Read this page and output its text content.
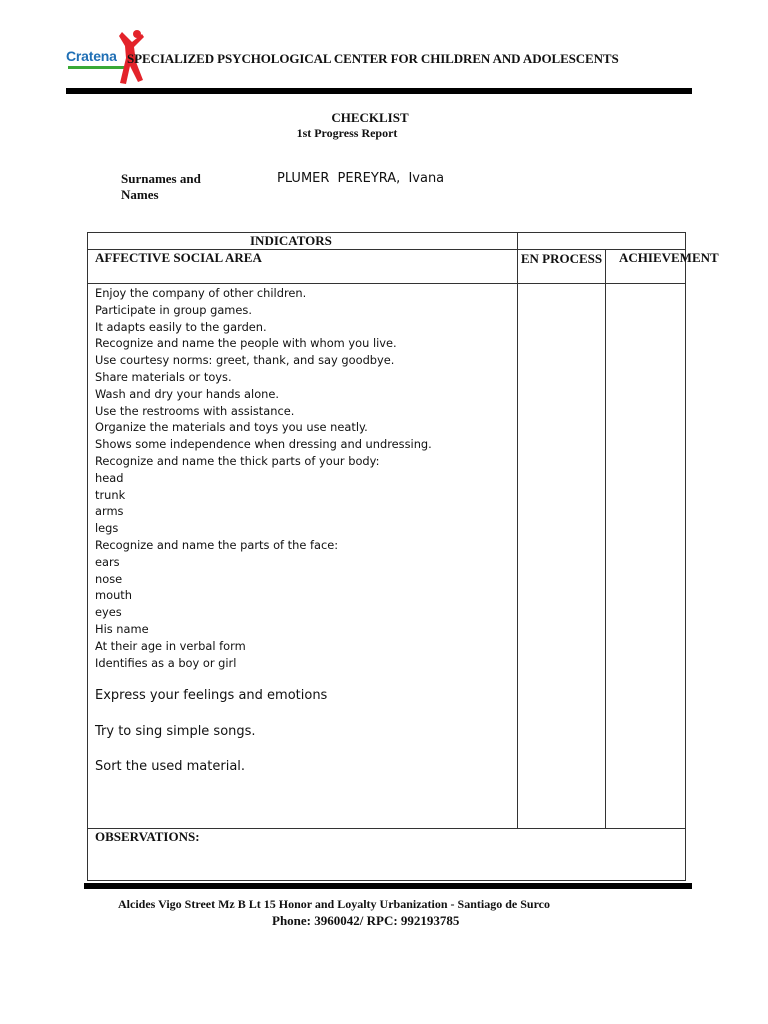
Cratena SPECIALIZED PSYCHOLOGICAL CENTER FOR CHILDREN AND ADOLESCENTS
CHECKLIST
1st Progress Report
Surnames and Names
PLUMER PEREYRA, Ivana
INDICATORS
AFFECTIVE SOCIAL AREA	EN PROCESS ACHIEVEMENT
Enjoy the company of other children.
Participate in group games.
It adapts easily to the garden.
Recognize and name the people with whom you live.
Use courtesy norms: greet, thank, and say goodbye.
Share materials or toys.
Wash and dry your hands alone.
Use the restrooms with assistance.
Organize the materials and toys you use neatly.
Shows some independence when dressing and undressing.
Recognize and name the thick parts of your body:
head
trunk
arms
legs
Recognize and name the parts of the face:
ears
nose
mouth
eyes
His name
At their age in verbal form
Identifies as a boy or girl
Express your feelings and emotions
Try to sing simple songs.
Sort the used material.
OBSERVATIONS:
Alcides Vigo Street Mz B Lt 15 Honor and Loyalty Urbanization - Santiago de Surco
Phone: 3960042/ RPC: 992193785
